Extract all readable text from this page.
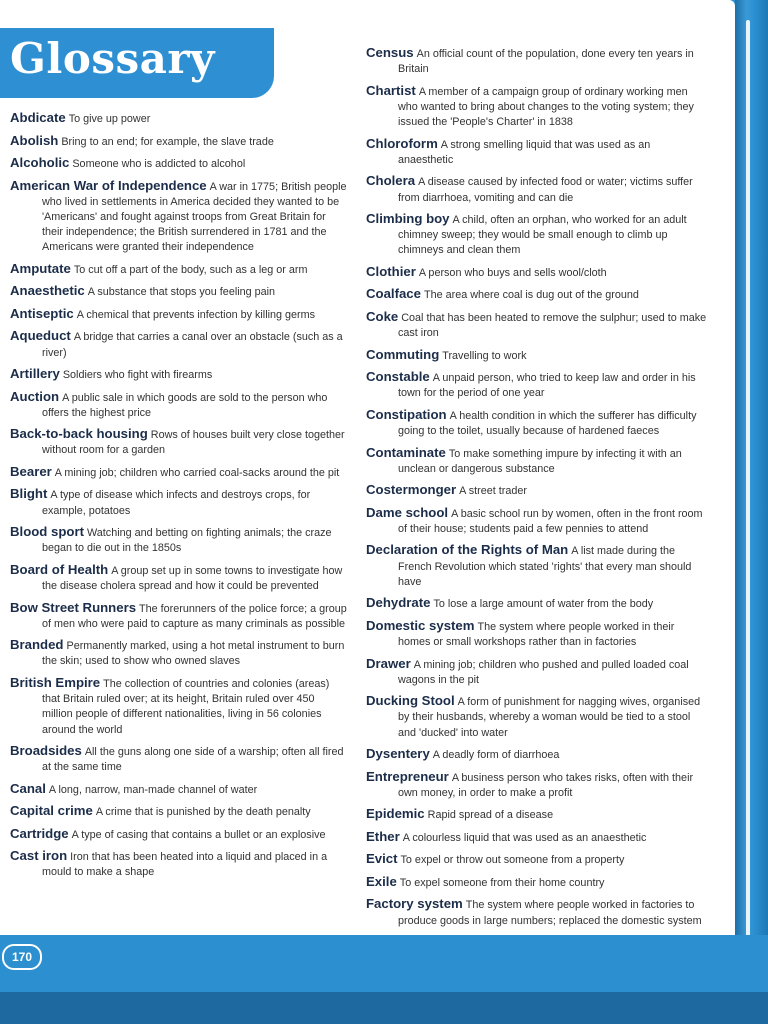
Glossary
Abdicate To give up power
Abolish Bring to an end; for example, the slave trade
Alcoholic Someone who is addicted to alcohol
American War of Independence A war in 1775; British people who lived in settlements in America decided they wanted to be 'Americans' and fought against troops from Great Britain for their independence; the British surrendered in 1781 and the Americans were granted their independence
Amputate To cut off a part of the body, such as a leg or arm
Anaesthetic A substance that stops you feeling pain
Antiseptic A chemical that prevents infection by killing germs
Aqueduct A bridge that carries a canal over an obstacle (such as a river)
Artillery Soldiers who fight with firearms
Auction A public sale in which goods are sold to the person who offers the highest price
Back-to-back housing Rows of houses built very close together without room for a garden
Bearer A mining job; children who carried coal-sacks around the pit
Blight A type of disease which infects and destroys crops, for example, potatoes
Blood sport Watching and betting on fighting animals; the craze began to die out in the 1850s
Board of Health A group set up in some towns to investigate how the disease cholera spread and how it could be prevented
Bow Street Runners The forerunners of the police force; a group of men who were paid to capture as many criminals as possible
Branded Permanently marked, using a hot metal instrument to burn the skin; used to show who owned slaves
British Empire The collection of countries and colonies (areas) that Britain ruled over; at its height, Britain ruled over 450 million people of different nationalities, living in 56 colonies around the world
Broadsides All the guns along one side of a warship; often all fired at the same time
Canal A long, narrow, man-made channel of water
Capital crime A crime that is punished by the death penalty
Cartridge A type of casing that contains a bullet or an explosive
Cast iron Iron that has been heated into a liquid and placed in a mould to make a shape
Census An official count of the population, done every ten years in Britain
Chartist A member of a campaign group of ordinary working men who wanted to bring about changes to the voting system; they issued the 'People's Charter' in 1838
Chloroform A strong smelling liquid that was used as an anaesthetic
Cholera A disease caused by infected food or water; victims suffer from diarrhoea, vomiting and can die
Climbing boy A child, often an orphan, who worked for an adult chimney sweep; they would be small enough to climb up chimneys and clean them
Clothier A person who buys and sells wool/cloth
Coalface The area where coal is dug out of the ground
Coke Coal that has been heated to remove the sulphur; used to make cast iron
Commuting Travelling to work
Constable A unpaid person, who tried to keep law and order in his town for the period of one year
Constipation A health condition in which the sufferer has difficulty going to the toilet, usually because of hardened faeces
Contaminate To make something impure by infecting it with an unclean or dangerous substance
Costermonger A street trader
Dame school A basic school run by women, often in the front room of their house; students paid a few pennies to attend
Declaration of the Rights of Man A list made during the French Revolution which stated 'rights' that every man should have
Dehydrate To lose a large amount of water from the body
Domestic system The system where people worked in their homes or small workshops rather than in factories
Drawer A mining job; children who pushed and pulled loaded coal wagons in the pit
Ducking Stool A form of punishment for nagging wives, organised by their husbands, whereby a woman would be tied to a stool and 'ducked' into water
Dysentery A deadly form of diarrhoea
Entrepreneur A business person who takes risks, often with their own money, in order to make a profit
Epidemic Rapid spread of a disease
Ether A colourless liquid that was used as an anaesthetic
Evict To expel or throw out someone from a property
Exile To expel someone from their home country
Factory system The system where people worked in factories to produce goods in large numbers; replaced the domestic system
170
